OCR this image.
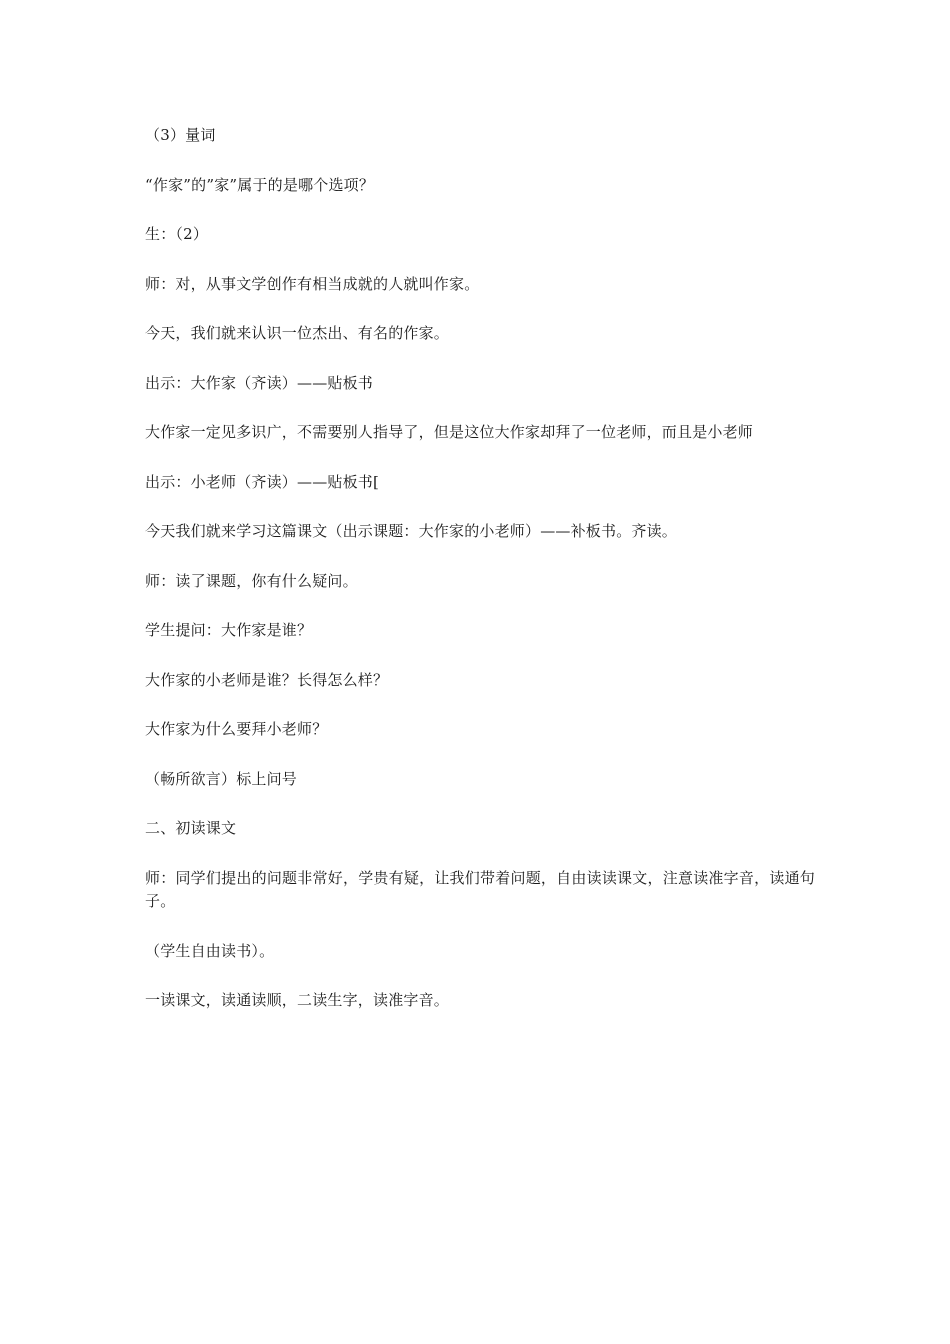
（3）量词

“作家”的”家”属于的是哪个选项？

生：（2）

师：对，从事文学创作有相当成就的人就叫作家。

今天，我们就来认识一位杰出、有名的作家。

出示：大作家（齐读）——贴板书

大作家一定见多识广，不需要别人指导了，但是这位大作家却拜了一位老师，而且是小老师

出示：小老师（齐读）——贴板书[

今天我们就来学习这篇课文（出示课题：大作家的小老师）——补板书。齐读。

师：读了课题，你有什么疑问。

学生提问：大作家是谁？

大作家的小老师是谁？长得怎么样？

大作家为什么要拜小老师？

（畅所欲言）标上问号

二、初读课文

师：同学们提出的问题非常好，学贵有疑，让我们带着问题，自由读读课文，注意读准字音，读通句子。

（学生自由读书）。

一读课文，读通读顺，二读生字，读准字音。
